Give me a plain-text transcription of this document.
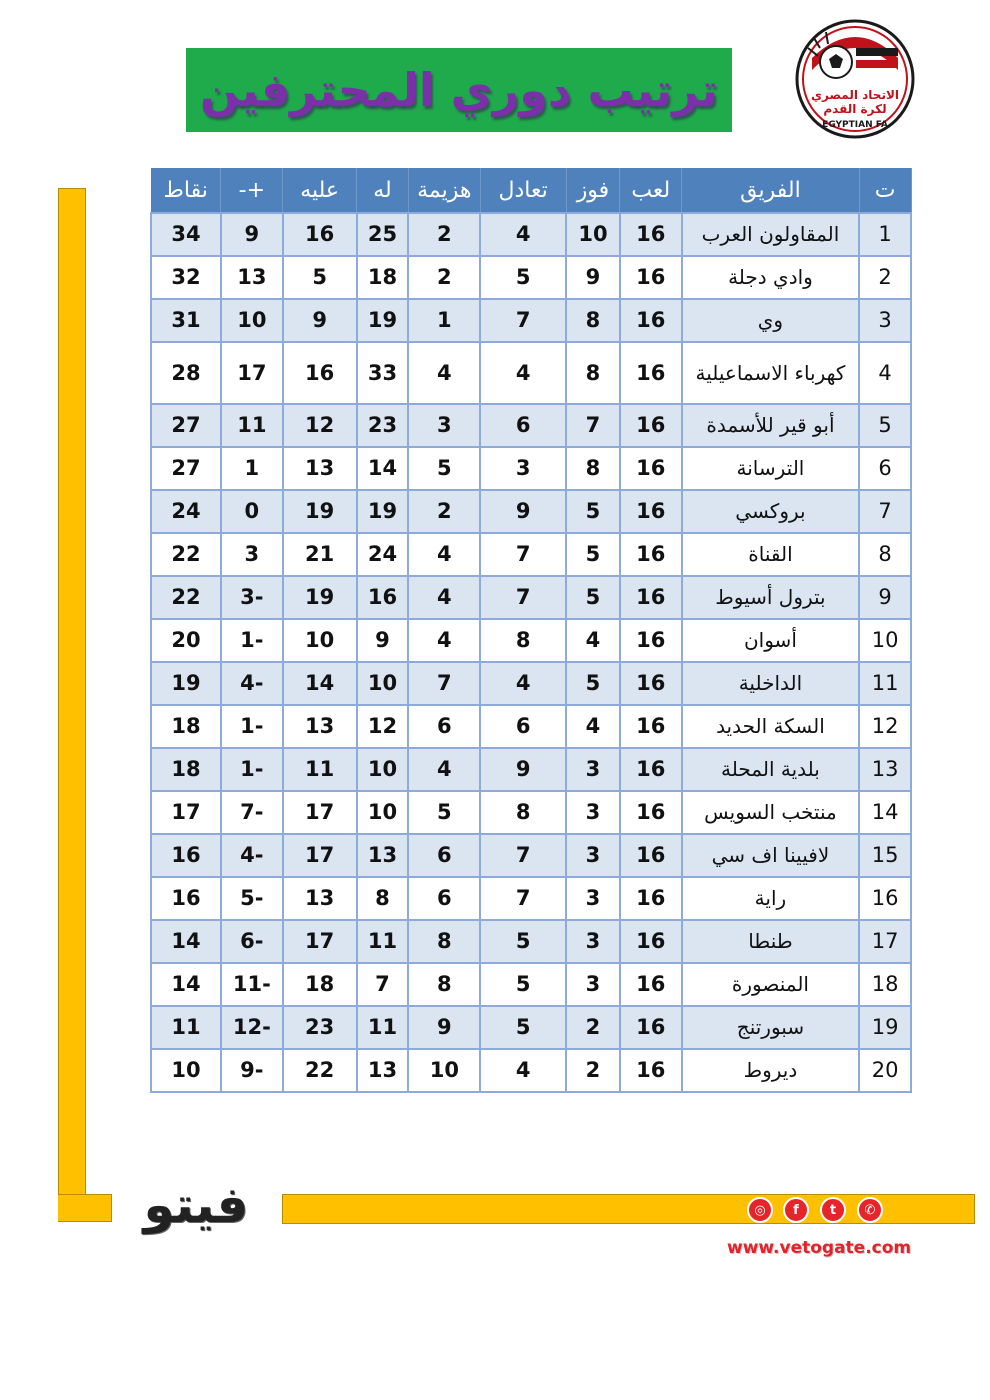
ترتيب دوري المحترفين	الاتحاد المصري
لكرة القدم
EGYPTIAN FA
ت	الفريق	لعب	فوز	تعادل	هزيمة	له	عليه	+-	نقاط
1	المقاولون العرب	16	10	4	2	25	16	9	34
2	وادي دجلة	16	9	5	2	18	5	13	32
3	وي	16	8	7	1	19	9	10	31
4	كهرباء الاسماعيلية	16	8	4	4	33	16	17	28
5	أبو قير للأسمدة	16	7	6	3	23	12	11	27
6	الترسانة	16	8	3	5	14	13	1	27
7	بروكسي	16	5	9	2	19	19	0	24
8	القناة	16	5	7	4	24	21	3	22
9	بترول أسيوط	16	5	7	4	16	19	-3	22
10	أسوان	16	4	8	4	9	10	-1	20
11	الداخلية	16	5	4	7	10	14	-4	19
12	السكة الحديد	16	4	6	6	12	13	-1	18
13	بلدية المحلة	16	3	9	4	10	11	-1	18
14	منتخب السويس	16	3	8	5	10	17	-7	17
15	لافيينا اف سي	16	3	7	6	13	17	-4	16
16	راية	16	3	7	6	8	13	-5	16
17	طنطا	16	3	5	8	11	17	-6	14
18	المنصورة	16	3	5	8	7	18	-11	14
19	سبورتنج	16	2	5	9	11	23	-12	11
20	ديروط	16	2	4	10	13	22	-9	10
فيتو	◎	f	t	✆
www.vetogate.com
